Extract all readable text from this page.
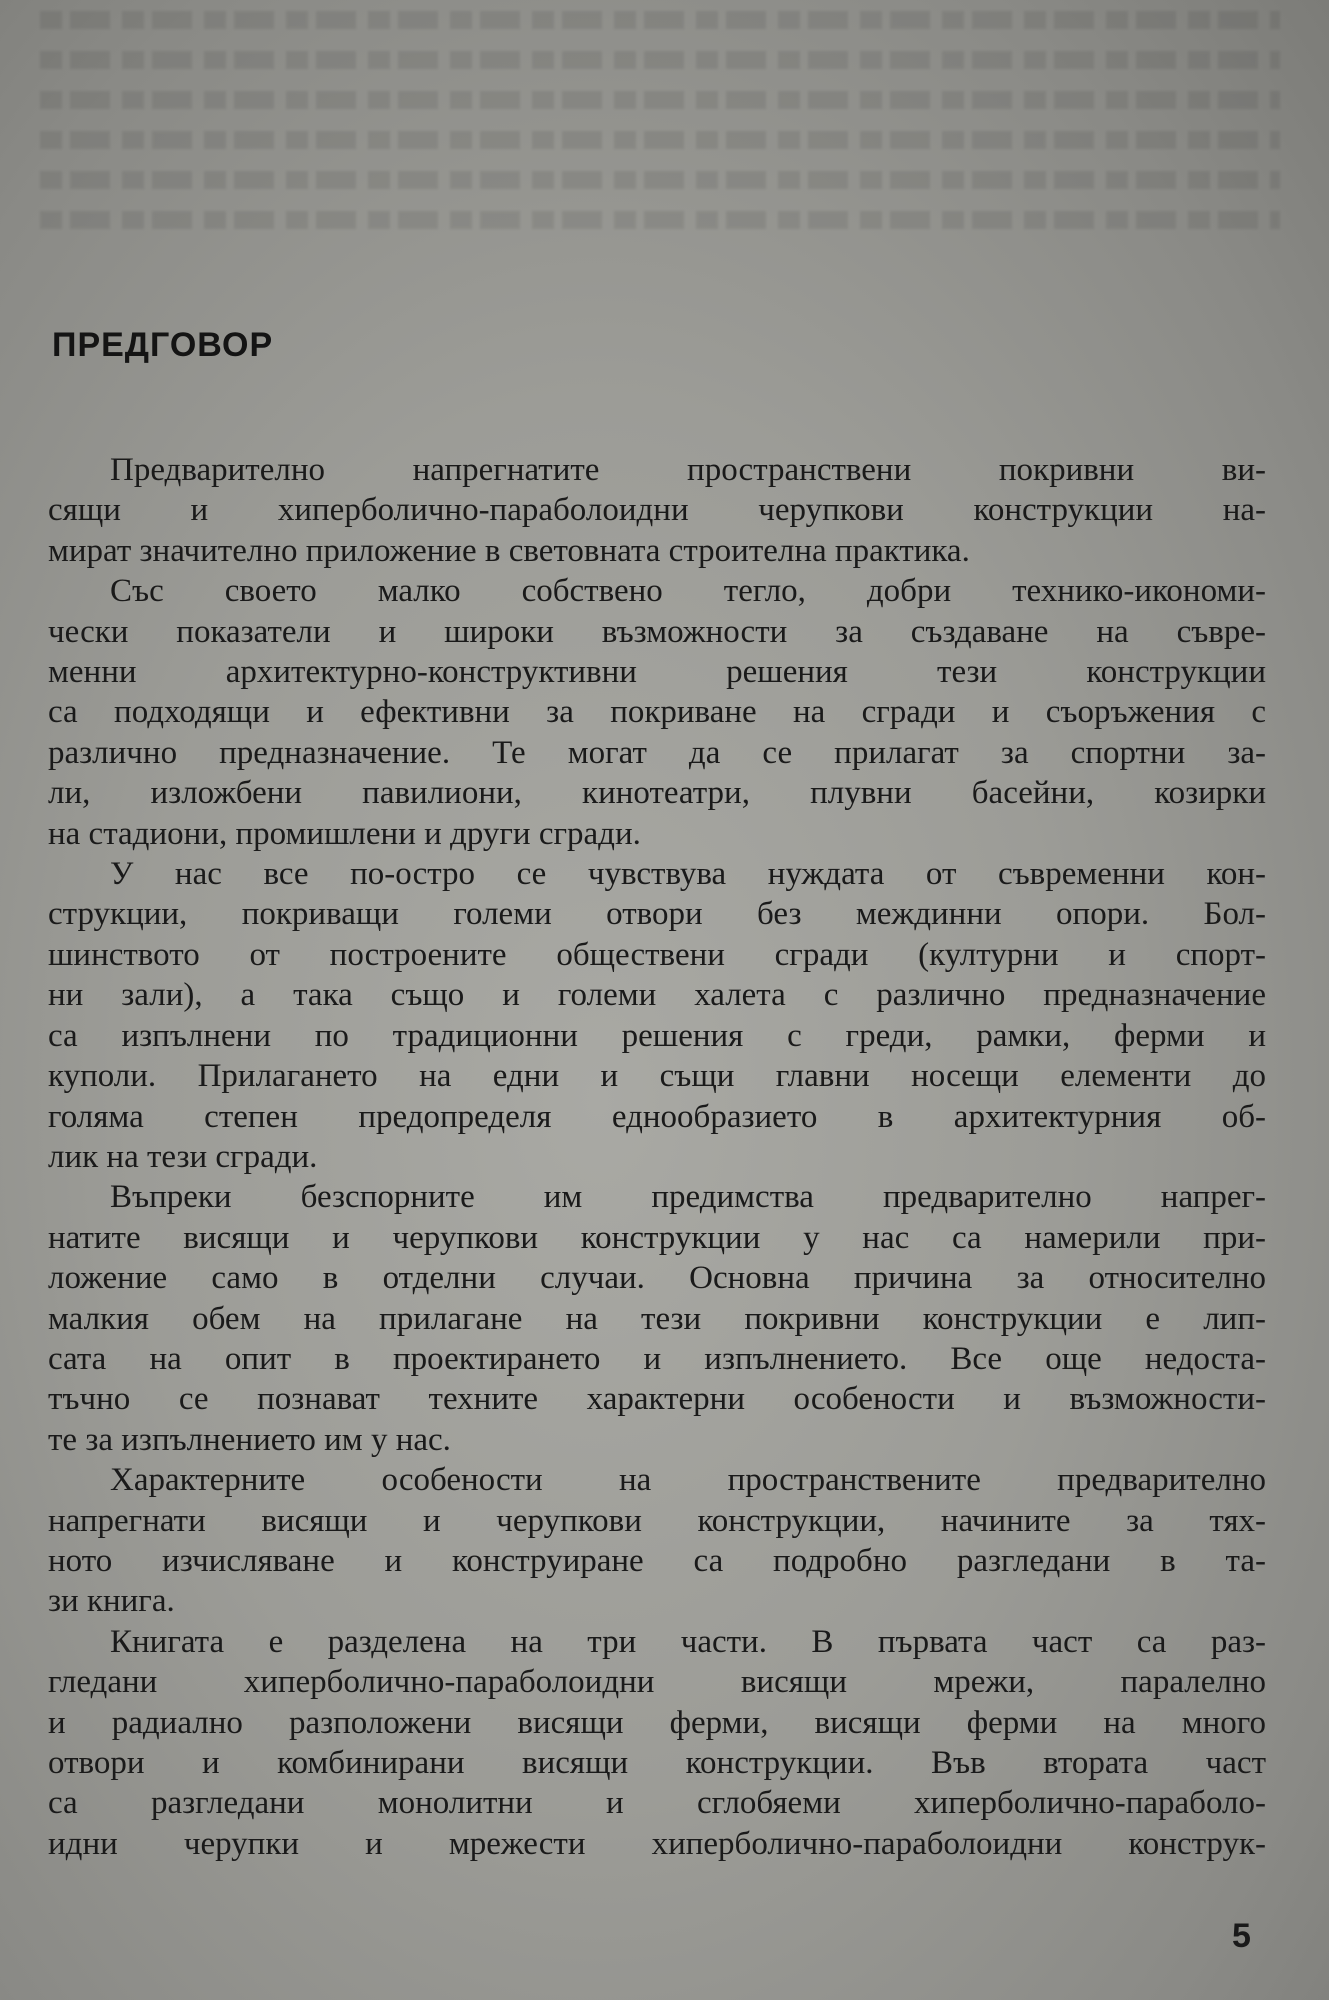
ПРЕДГОВОР
Предварително напрегнатите пространствени покривни ви-
сящи и хиперболично-параболоидни черупкови конструкции на-
мират значително приложение в световната строителна практика.
Със своето малко собствено тегло, добри технико-икономи-
чески показатели и широки възможности за създаване на съвре-
менни архитектурно-конструктивни решения тези конструкции
са подходящи и ефективни за покриване на сгради и съоръжения с
различно предназначение. Те могат да се прилагат за спортни за-
ли, изложбени павилиони, кинотеатри, плувни басейни, козирки
на стадиони, промишлени и други сгради.
У нас все по-остро се чувствува нуждата от съвременни кон-
струкции, покриващи големи отвори без междинни опори. Бол-
шинството от построените обществени сгради (културни и спорт-
ни зали), а така също и големи халета с различно предназначение
са изпълнени по традиционни решения с греди, рамки, ферми и
куполи. Прилагането на едни и същи главни носещи елементи до
голяма степен предопределя еднообразието в архитектурния об-
лик на тези сгради.
Въпреки безспорните им предимства предварително напрег-
натите висящи и черупкови конструкции у нас са намерили при-
ложение само в отделни случаи. Основна причина за относително
малкия обем на прилагане на тези покривни конструкции е лип-
сата на опит в проектирането и изпълнението. Все още недоста-
тъчно се познават техните характерни особености и възможности-
те за изпълнението им у нас.
Характерните особености на пространствените предварително
напрегнати висящи и черупкови конструкции, начините за тях-
ното изчисляване и конструиране са подробно разгледани в та-
зи книга.
Книгата е разделена на три части. В първата част са раз-
гледани хиперболично-параболоидни висящи мрежи, паралелно
и радиално разположени висящи ферми, висящи ферми на много
отвори и комбинирани висящи конструкции. Във втората част
са разгледани монолитни и сглобяеми хиперболично-параболо-
идни черупки и мрежести хиперболично-параболоидни конструк-
5
